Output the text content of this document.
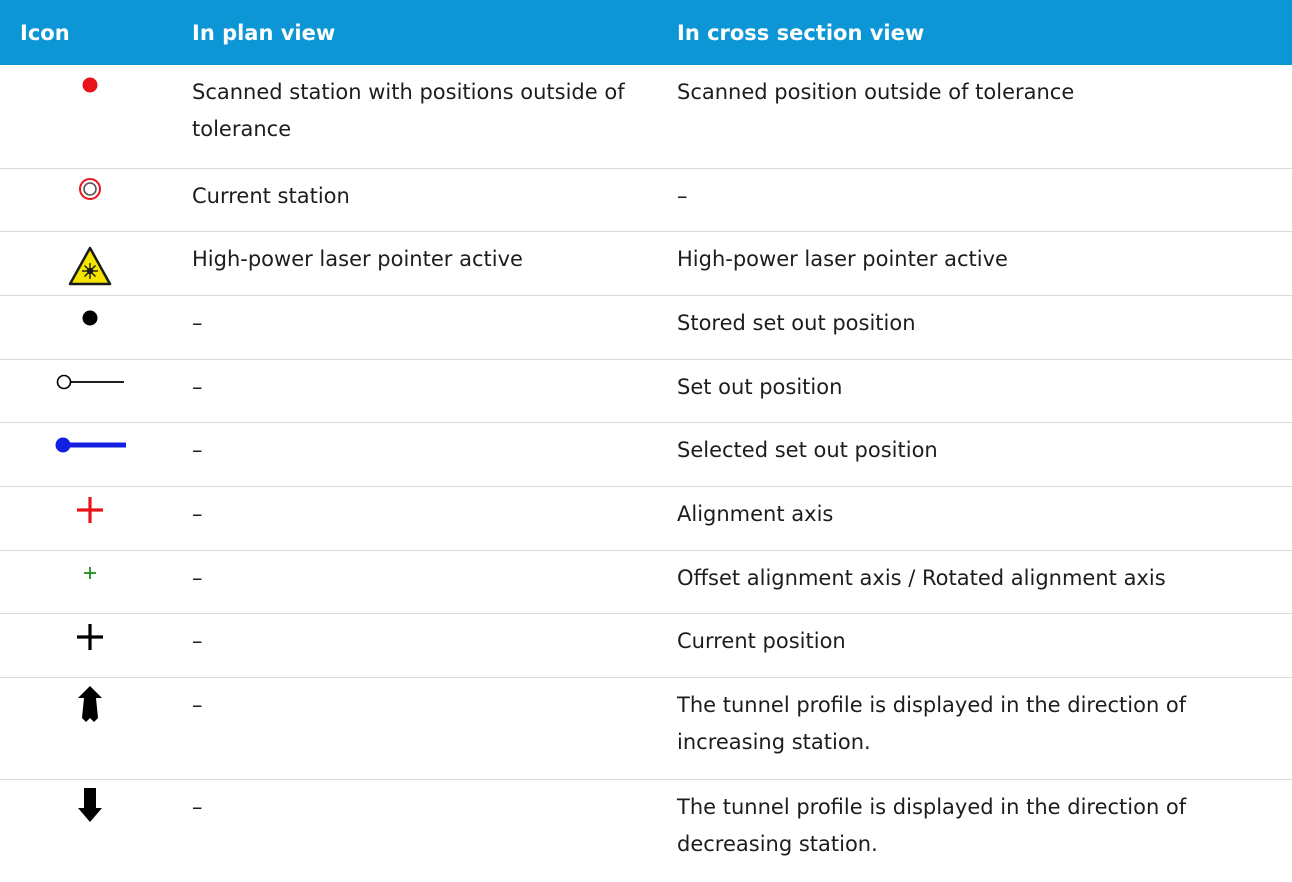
Icon	In plan view	In cross section view

	Scanned station with positions outside of tolerance	Scanned position outside of tolerance

	Current station	–

	High-power laser pointer active	High-power laser pointer active

	–	Stored set out position

	–	Set out position

	–	Selected set out position

	–	Alignment axis

	–	Offset alignment axis / Rotated alignment axis

	–	Current position

	–	The tunnel profile is displayed in the direction of increasing station.

	–	The tunnel profile is displayed in the direction of decreasing station.
